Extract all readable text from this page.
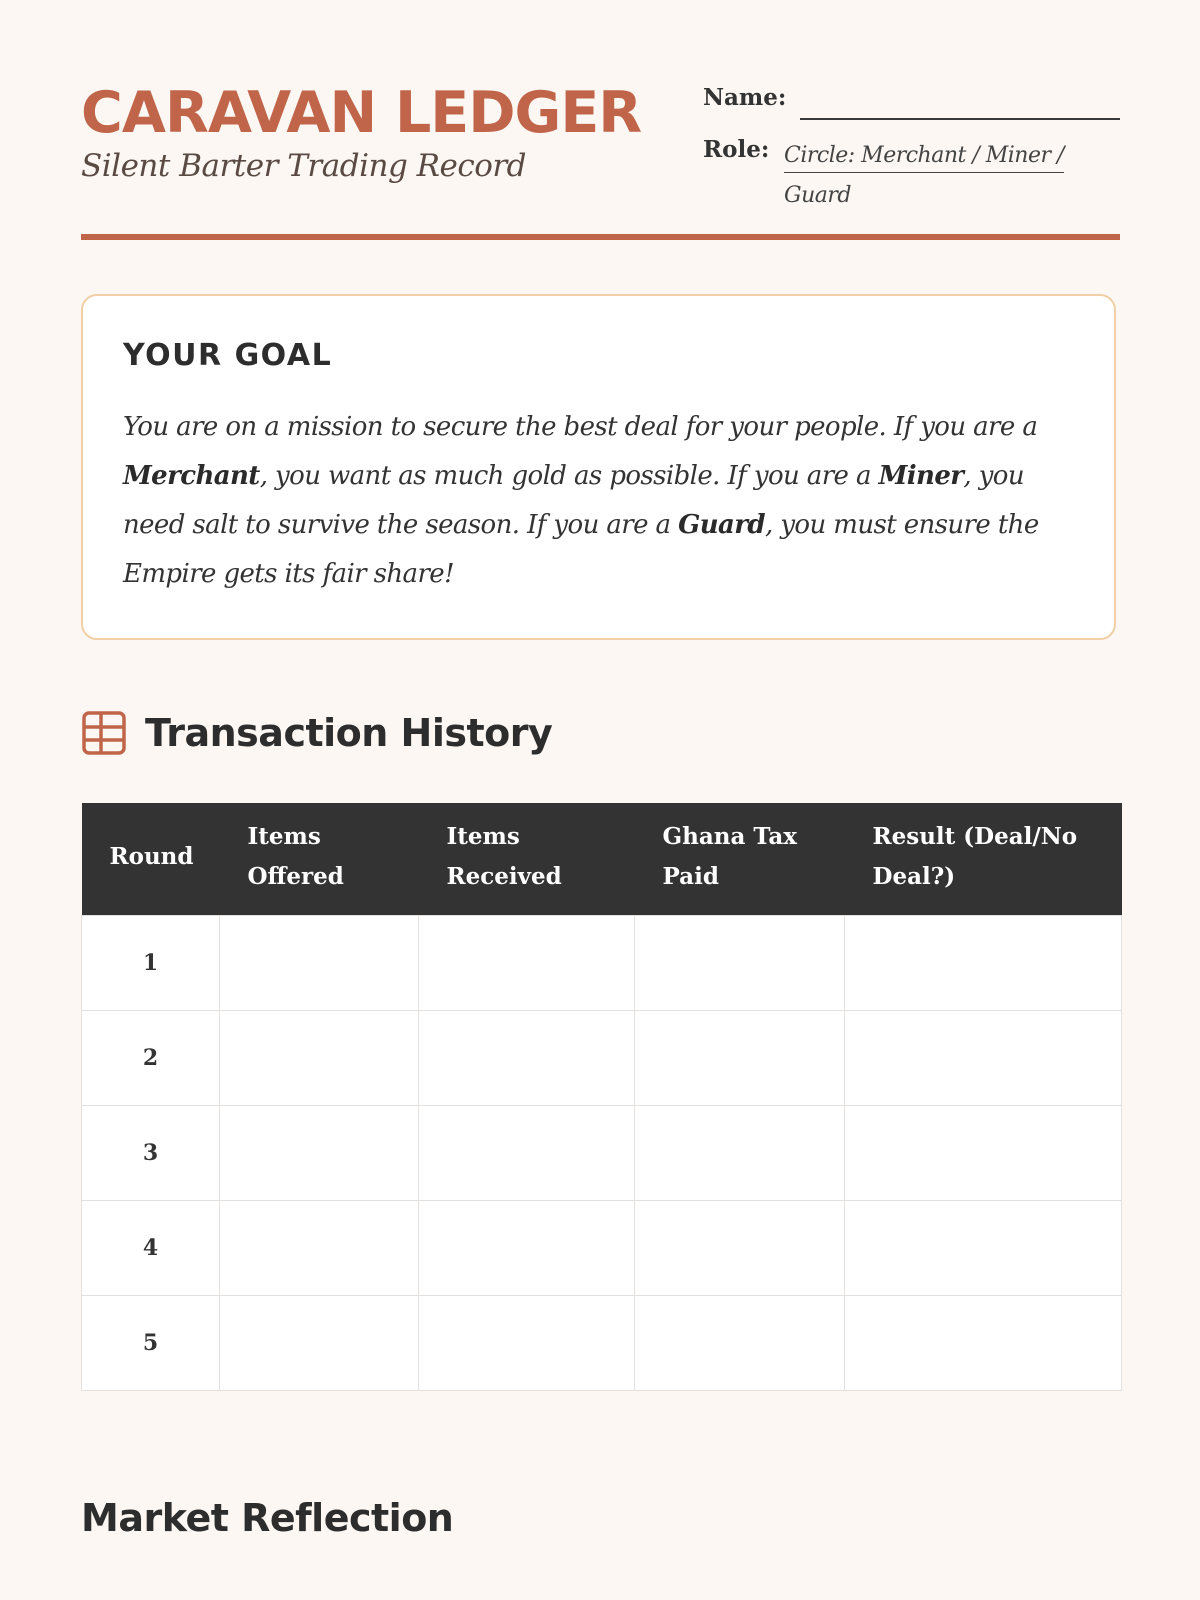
CARAVAN LEDGER
Silent Barter Trading Record
Name:
Role: Circle: Merchant / Miner /
Guard
YOUR GOAL
You are on a mission to secure the best deal for your people. If you are a Merchant, you want as much gold as possible. If you are a Miner, you need salt to survive the season. If you are a Guard, you must ensure the Empire gets its fair share!
Transaction History
Round	Items Offered	Items Received	Ghana Tax Paid	Result (Deal/No Deal?)
1				
2				
3				
4				
5				
Market Reflection
